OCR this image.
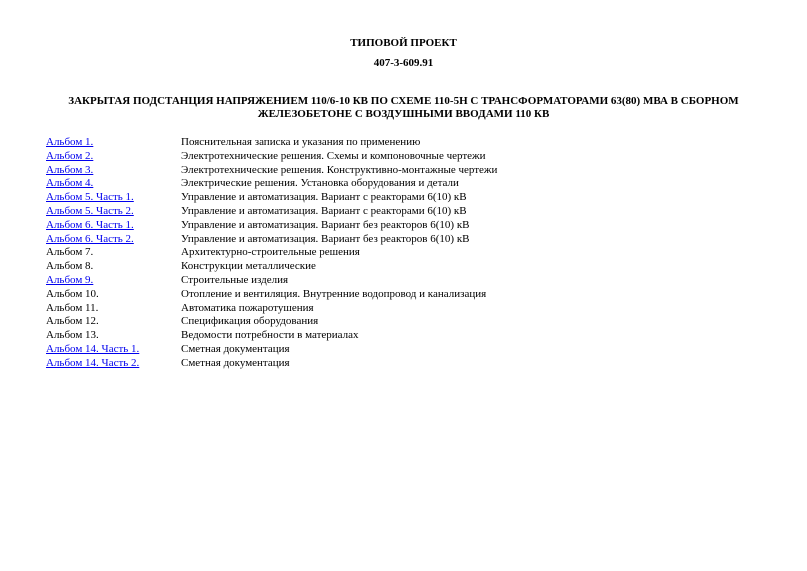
ТИПОВОЙ ПРОЕКТ
407-3-609.91
ЗАКРЫТАЯ ПОДСТАНЦИЯ НАПРЯЖЕНИЕМ 110/6-10 КВ ПО СХЕМЕ 110-5Н С ТРАНСФОРМАТОРАМИ 63(80) МВА В СБОРНОМ ЖЕЛЕЗОБЕТОНЕ С ВОЗДУШНЫМИ ВВОДАМИ 110 КВ
Альбом 1.	Пояснительная записка и указания по применению
Альбом 2.	Электротехнические решения. Схемы и компоновочные чертежи
Альбом 3.	Электротехнические решения. Конструктивно-монтажные чертежи
Альбом 4.	Электрические решения. Установка оборудования и детали
Альбом 5. Часть 1.	Управление и автоматизация. Вариант с реакторами 6(10) кВ
Альбом 5. Часть 2.	Управление и автоматизация. Вариант с реакторами 6(10) кВ
Альбом 6. Часть 1.	Управление и автоматизация. Вариант без реакторов 6(10) кВ
Альбом 6. Часть 2.	Управление и автоматизация. Вариант без реакторов 6(10) кВ
Альбом 7.	Архитектурно-строительные решения
Альбом 8.	Конструкции металлические
Альбом 9.	Строительные изделия
Альбом 10.	Отопление и вентиляция. Внутренние водопровод и канализация
Альбом 11.	Автоматика пожаротушения
Альбом 12.	Спецификация оборудования
Альбом 13.	Ведомости потребности в материалах
Альбом 14. Часть 1.	Сметная документация
Альбом 14. Часть 2.	Сметная документация
